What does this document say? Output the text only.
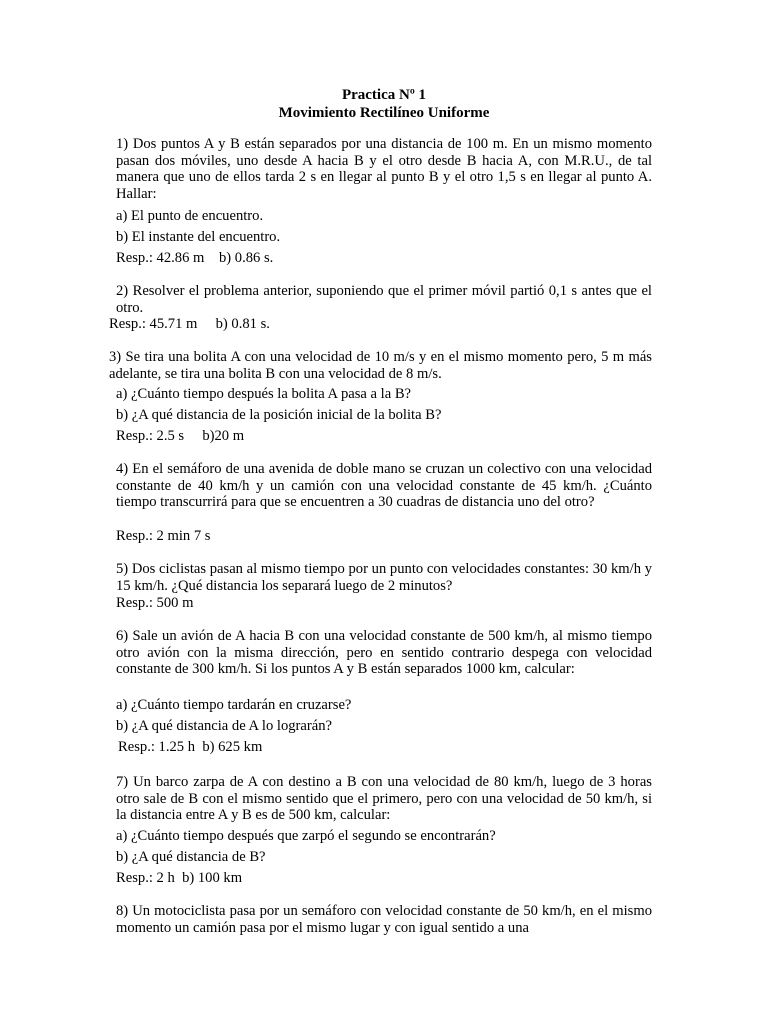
Practica Nº 1
Movimiento Rectilíneo Uniforme

1) Dos puntos A y B están separados por una distancia de 100 m. En un mismo momento pasan dos móviles, uno desde A hacia B y el otro desde B hacia A, con M.R.U., de tal manera que uno de ellos tarda 2 s en llegar al punto B y el otro 1,5 s en llegar al punto A. Hallar:

a) El punto de encuentro.

b) El instante del encuentro.

Resp.: 42.86 m    b) 0.86 s.

2) Resolver el problema anterior, suponiendo que el primer móvil partió 0,1 s antes que el otro.

Resp.: 45.71 m     b) 0.81 s.

3) Se tira una bolita A con una velocidad de 10 m/s y en el mismo momento pero, 5 m más adelante, se tira una bolita B con una velocidad de 8 m/s.

a) ¿Cuánto tiempo después la bolita A pasa a la B?

b) ¿A qué distancia de la posición inicial de la bolita B?

Resp.: 2.5 s     b)20 m

4) En el semáforo de una avenida de doble mano se cruzan un colectivo con una velocidad constante de 40 km/h y un camión con una velocidad constante de 45 km/h. ¿Cuánto tiempo transcurrirá para que se encuentren a 30 cuadras de distancia uno del otro?

Resp.: 2 min 7 s

5) Dos ciclistas pasan al mismo tiempo por un punto con velocidades constantes: 30 km/h y 15 km/h. ¿Qué distancia los separará luego de 2 minutos?

Resp.: 500 m

6) Sale un avión de A hacia B con una velocidad constante de 500 km/h, al mismo tiempo otro avión con la misma dirección, pero en sentido contrario despega con velocidad constante de 300 km/h. Si los puntos A y B están separados 1000 km, calcular:

a) ¿Cuánto tiempo tardarán en cruzarse?

b) ¿A qué distancia de A lo lograrán?

Resp.: 1.25 h  b) 625 km

7) Un barco zarpa de A con destino a B con una velocidad de 80 km/h, luego de 3 horas otro sale de B con el mismo sentido que el primero, pero con una velocidad de 50 km/h, si la distancia entre A y B es de 500 km, calcular:

a) ¿Cuánto tiempo después que zarpó el segundo se encontrarán?

b) ¿A qué distancia de B?

Resp.: 2 h  b) 100 km

8) Un motociclista pasa por un semáforo con velocidad constante de 50 km/h, en el mismo momento un camión pasa por el mismo lugar y con igual sentido a una
